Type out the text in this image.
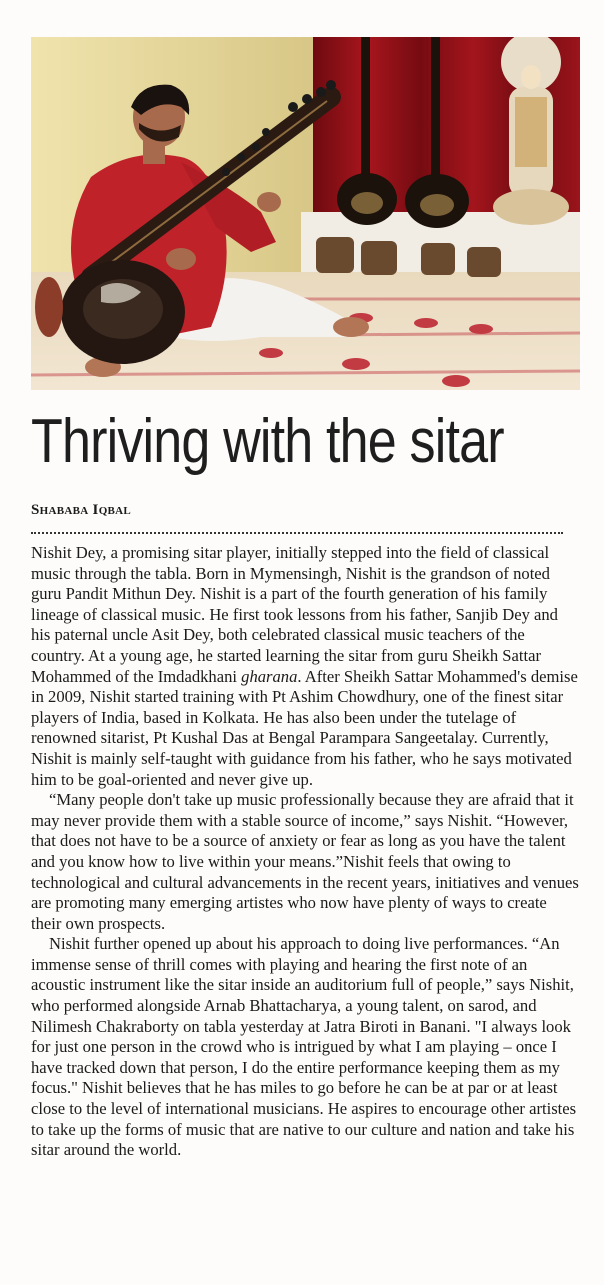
Thriving with the sitar
Shababa Iqbal

Nishit Dey, a promising sitar player, initially stepped into the field of classical music through the tabla. Born in Mymensingh, Nishit is the grandson of noted guru Pandit Mithun Dey. Nishit is a part of the fourth generation of his family lineage of classical music. He first took lessons from his father, Sanjib Dey and his paternal uncle Asit Dey, both celebrated classical music teachers of the country. At a young age, he started learning the sitar from guru Sheikh Sattar Mohammed of the Imdadkhani gharana. After Sheikh Sattar Mohammed's demise in 2009, Nishit started training with Pt Ashim Chowdhury, one of the finest sitar players of India, based in Kolkata. He has also been under the tutelage of renowned sitarist, Pt Kushal Das at Bengal Parampara Sangeetalay. Currently, Nishit is mainly self-taught with guidance from his father, who he says motivated him to be goal-oriented and never give up.

“Many people don't take up music professionally because they are afraid that it may never provide them with a stable source of income,” says Nishit. “However, that does not have to be a source of anxiety or fear as long as you have the talent and you know how to live within your means.”Nishit feels that owing to technological and cultural advancements in the recent years, initiatives and venues are promoting many emerging artistes who now have plenty of ways to create their own prospects.

Nishit further opened up about his approach to doing live performances. “An immense sense of thrill comes with playing and hearing the first note of an acoustic instrument like the sitar inside an auditorium full of people,” says Nishit, who performed alongside Arnab Bhattacharya, a young talent, on sarod, and Nilimesh Chakraborty on tabla yesterday at Jatra Biroti in Banani. "I always look for just one person in the crowd who is intrigued by what I am playing – once I have tracked down that person, I do the entire performance keeping them as my focus." Nishit believes that he has miles to go before he can be at par or at least close to the level of international musicians. He aspires to encourage other artistes to take up the forms of music that are native to our culture and nation and take his sitar around the world.
